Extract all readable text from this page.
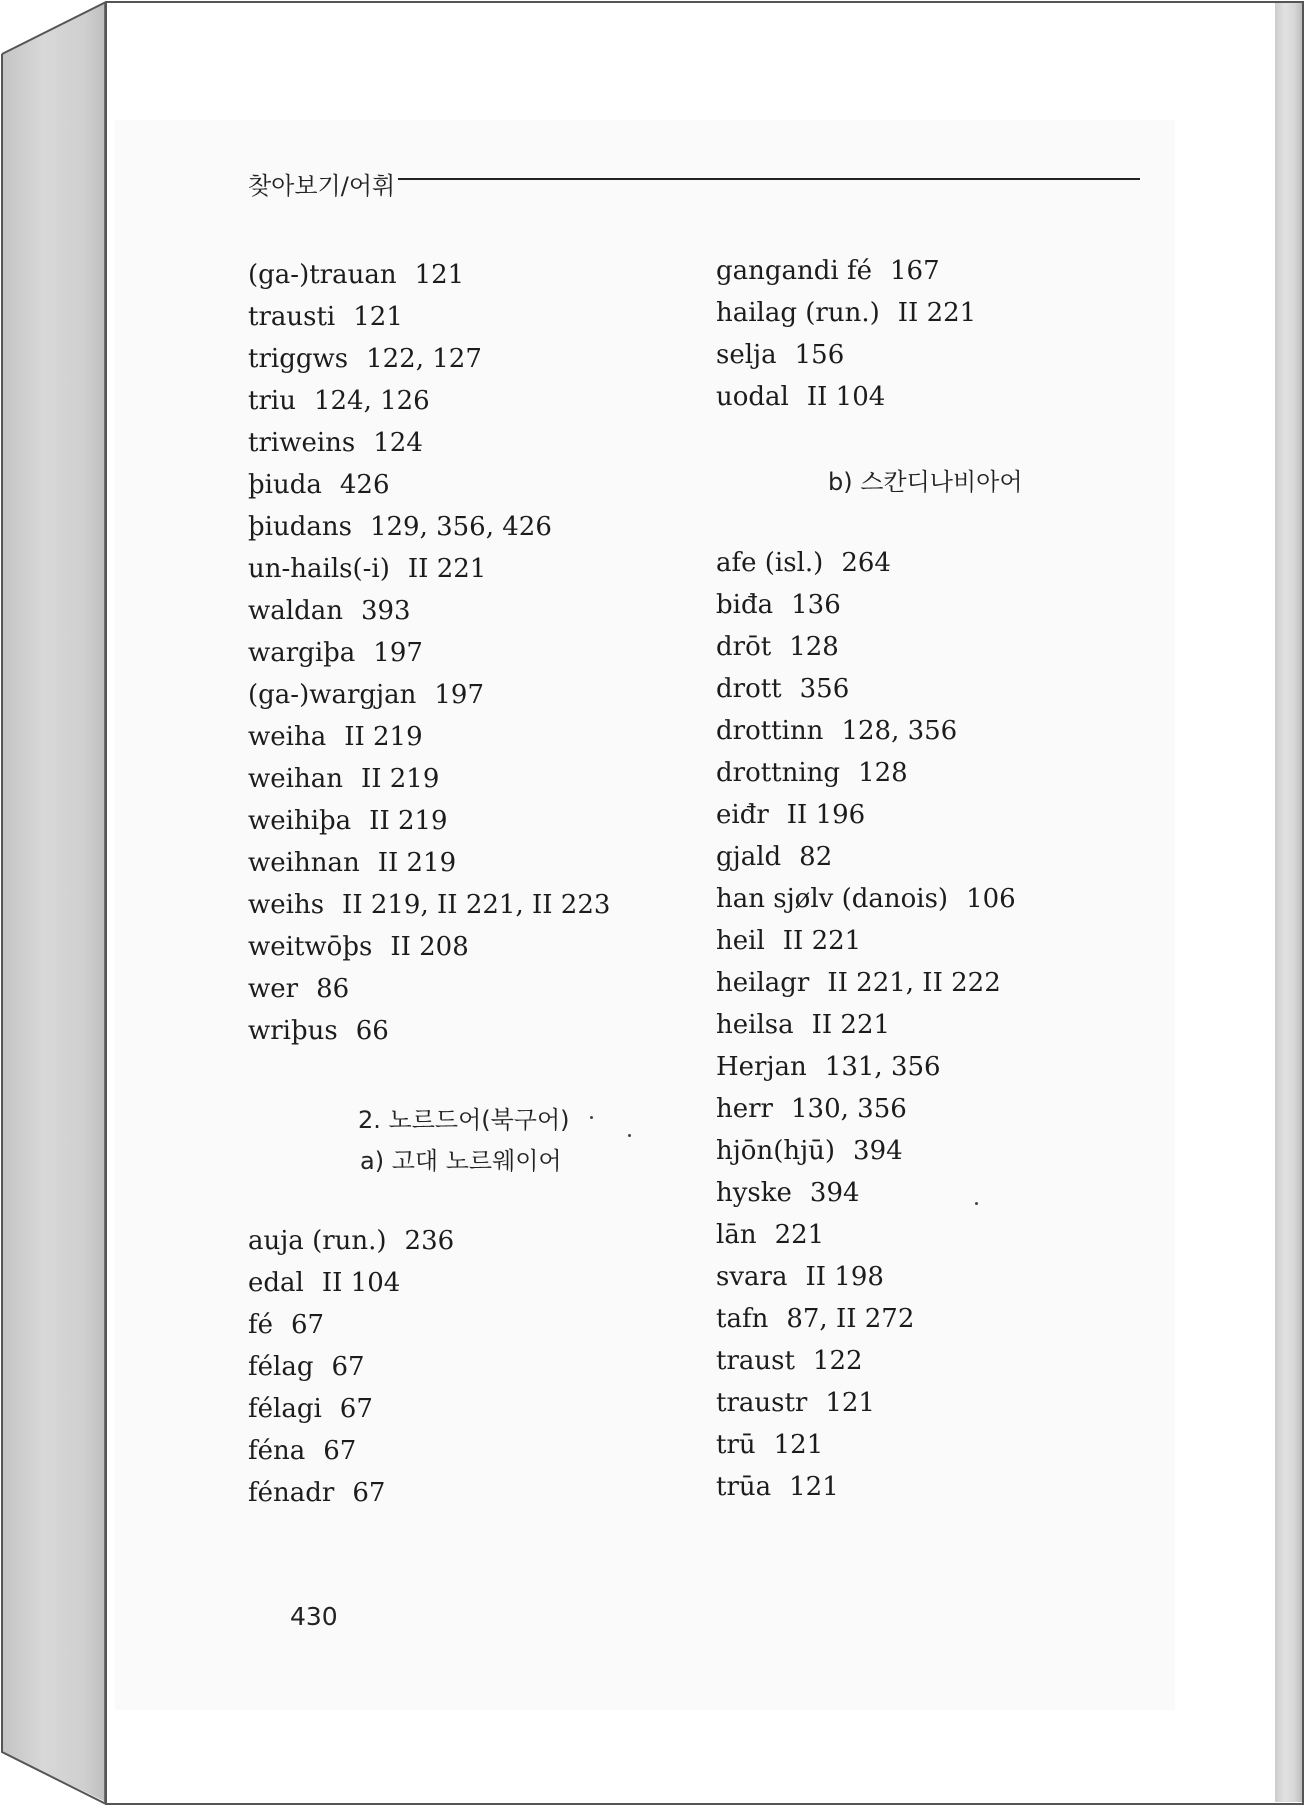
찾아보기/어휘
(ga-)trauan 121
trausti 121
triggws 122, 127
triu 124, 126
triweins 124
þiuda 426
þiudans 129, 356, 426
un-hails(-i) II 221
waldan 393
wargiþa 197
(ga-)wargjan 197
weiha II 219
weihan II 219
weihiþa II 219
weihnan II 219
weihs II 219, II 221, II 223
weitwōþs II 208
wer 86
wriþus 66
2. 노르드어(북구어)
a) 고대 노르웨이어
auja (run.) 236
edal II 104
fé 67
félag 67
félagi 67
féna 67
fénadr 67
gangandi fé 167
hailag (run.) II 221
selja 156
uodal II 104
b) 스칸디나비아어
afe (isl.) 264
biđa 136
drōt 128
drott 356
drottinn 128, 356
drottning 128
eiđr II 196
gjald 82
han sjølv (danois) 106
heil II 221
heilagr II 221, II 222
heilsa II 221
Herjan 131, 356
herr 130, 356
hjōn(hjū) 394
hyske 394
lān 221
svara II 198
tafn 87, II 272
traust 122
traustr 121
trū 121
trūa 121
430
